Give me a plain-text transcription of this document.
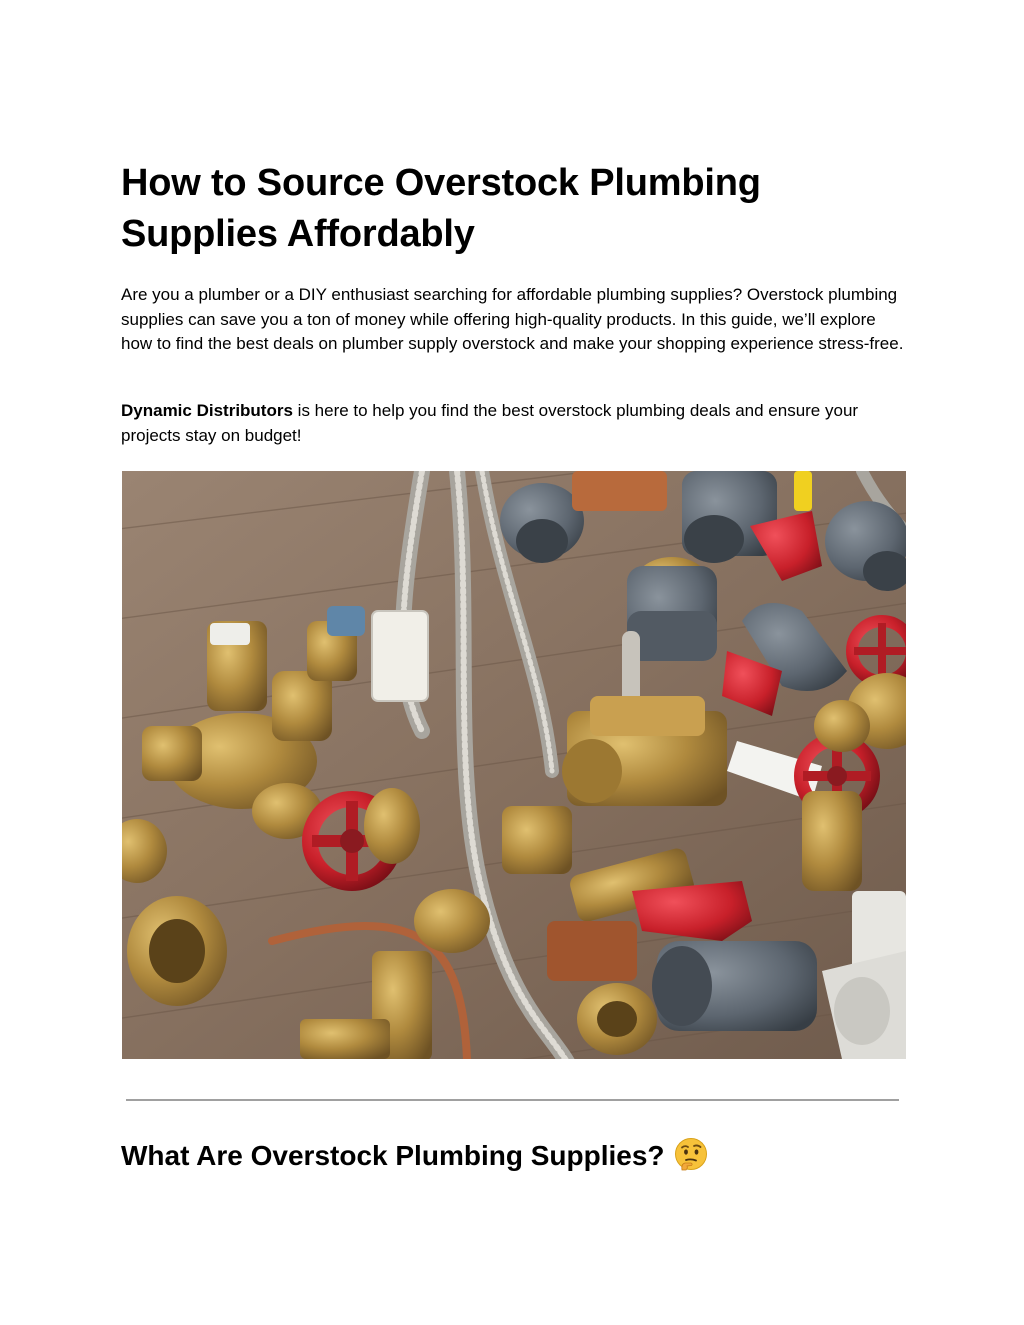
How to Source Overstock Plumbing Supplies Affordably

Are you a plumber or a DIY enthusiast searching for affordable plumbing supplies? Overstock plumbing supplies can save you a ton of money while offering high-quality products. In this guide, we’ll explore how to find the best deals on plumber supply overstock and make your shopping experience stress-free.

Dynamic Distributors is here to help you find the best overstock plumbing deals and ensure your projects stay on budget!

What Are Overstock Plumbing Supplies?
